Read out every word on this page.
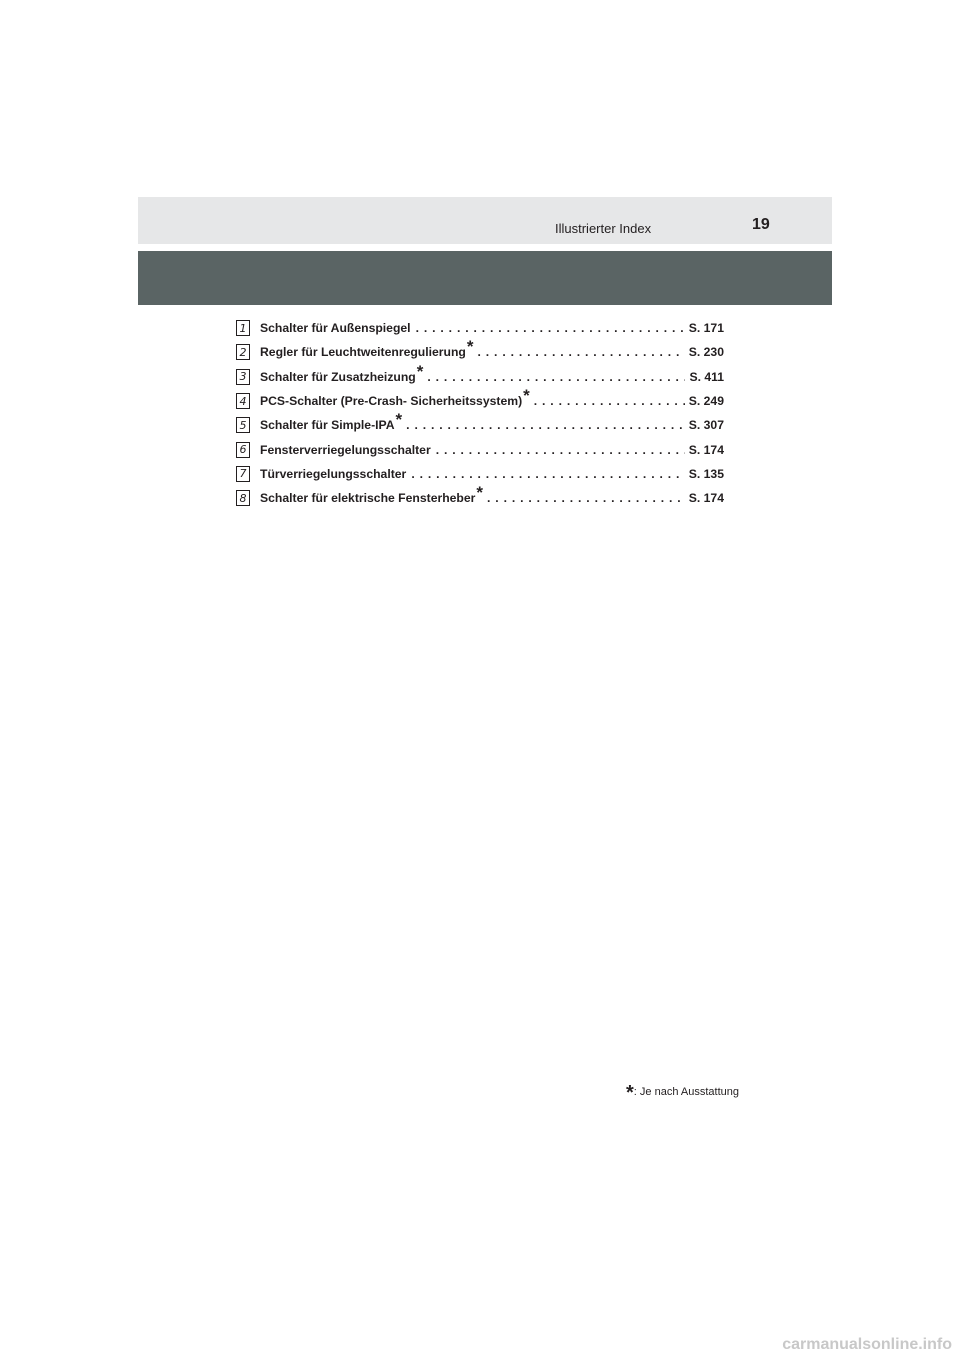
Illustrierter Index	19
1 Schalter für Außenspiegel . . .	S. 171
2 Regler für Leuchtweitenregulierung * . . .	S. 230
3 Schalter für Zusatzheizung * . . .	S. 411
4 PCS-Schalter (Pre-Crash- Sicherheitssystem) * . . .	S. 249
5 Schalter für Simple-IPA * . . .	S. 307
6 Fensterverriegelungsschalter . . .	S. 174
7 Türverriegelungsschalter . . .	S. 135
8 Schalter für elektrische Fensterheber * . . .	S. 174
*: Je nach Ausstattung
carmanualsonline.info
